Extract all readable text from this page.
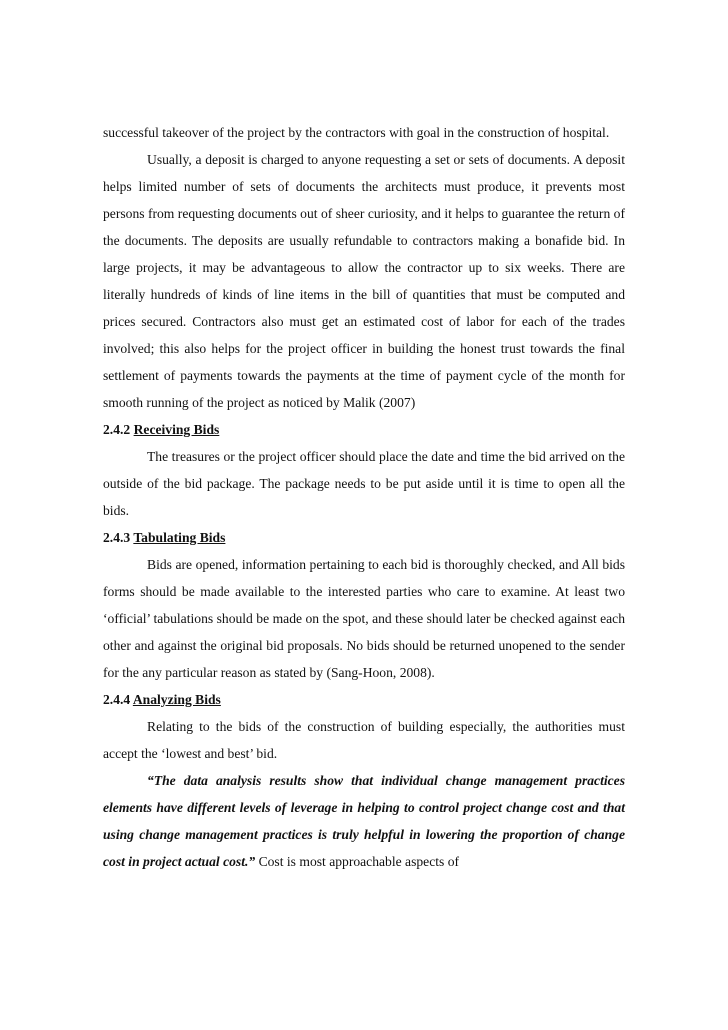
successful takeover of the project by the contractors with goal in the construction of hospital.

Usually, a deposit is charged to anyone requesting a set or sets of documents. A deposit helps limited number of sets of documents the architects must produce, it prevents most persons from requesting documents out of sheer curiosity, and it helps to guarantee the return of the documents. The deposits are usually refundable to contractors making a bonafide bid. In large projects, it may be advantageous to allow the contractor up to six weeks. There are literally hundreds of kinds of line items in the bill of quantities that must be computed and prices secured. Contractors also must get an estimated cost of labor for each of the trades involved; this also helps for the project officer in building the honest trust towards the final settlement of payments towards the payments at the time of payment cycle of the month for smooth running of the project as noticed by Malik (2007)

2.4.2 Receiving Bids

The treasures or the project officer should place the date and time the bid arrived on the outside of the bid package. The package needs to be put aside until it is time to open all the bids.

2.4.3 Tabulating Bids

Bids are opened, information pertaining to each bid is thoroughly checked, and All bids forms should be made available to the interested parties who care to examine. At least two ‘official’ tabulations should be made on the spot, and these should later be checked against each other and against the original bid proposals. No bids should be returned unopened to the sender for the any particular reason as stated by (Sang-Hoon, 2008).

2.4.4 Analyzing Bids

Relating to the bids of the construction of building especially, the authorities must accept the ‘lowest and best’ bid.

“The data analysis results show that individual change management practices elements have different levels of leverage in helping to control project change cost and that using change management practices is truly helpful in lowering the proportion of change cost in project actual cost.” Cost is most approachable aspects of
